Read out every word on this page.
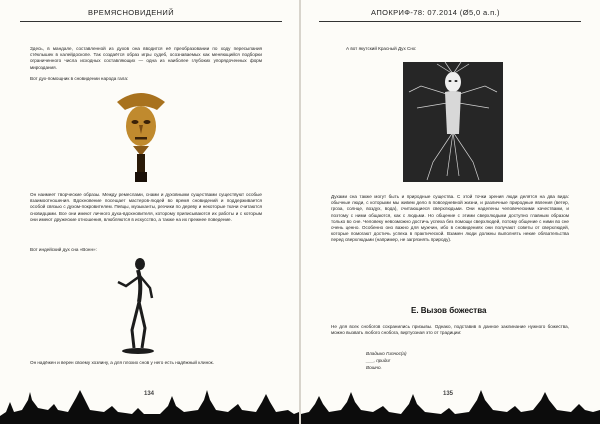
ВРЕМЯСНОВИДЕНИЙ
Здесь, в мандале, составленной из духов она вводится её преобразовании по ходу пересыпания стёклышек в калейдоскопе. Так создаётся образ игры судеб, осознаваемых как меняющийся подборки ограниченного числа исходных составляющих — одна из наиболее глубоких упорядоченных форм мироздания.
Вот дух-помощник в сновидении народа гала:
Он наимеет творческие образы. Между ремеслами, снами и духовными существами существуют особые взаимоотношения. Вдохновение посещает мастеров-людей во время сновидений и поддерживается особой связью с духом-покровителем. Певцы, музыканты, резчики по дереву и некоторые ткачи считаются сновидцами. Все они имеют личного духа-вдохновителя, которому приписываются их работы и с которым они имеют дружеские отношения, влюбляются в искусство, а также на их прежнее поведение.
Вот индейский дух сна «Вонн»:
Он надёжен и верен своему хозяину, а для плохих снов у него есть надёжный клинок.
134
АПОКРИФ-78: 07.2014 (Ø5,0 а.п.)
А вот якутский Красный Дух Снх:
Духами сна также могут быть и природные существа. С этой точки зрения люди делятся на два вида: обычные люди, с которыми мы живем дело в повседневной жизни, и различные природные явления (ветер, гроза, солнце, воздух, вода), считающиеся сверхлюдьми. Они наделены человеческими качествами, и поэтому с ними общаются, как с людьми. Но общение с этими сверхлюдьми доступно главным образом только во сне. Человеку невозможно достичь успеха без помощи сверхлюдей, потому общение с ними во сне очень ценно. Особенно оно важно для мужчин, ибо в сновидениях они получают советы от сверхлюдей, которые помогают достичь успеха в практической. Взамен люди должны выполнять некие обязательства перед сверхлюдьми (например, не загрязнять природу).
Е. Вызов божества
Не для всех снобогов сохранились призывы. Однако, подставив в данное заклинание нужного божества, можно вызвать любого снобога, виртуозная это от традиции:
Владыко Гипнос(а)
___, приди!
Вошно.
135
